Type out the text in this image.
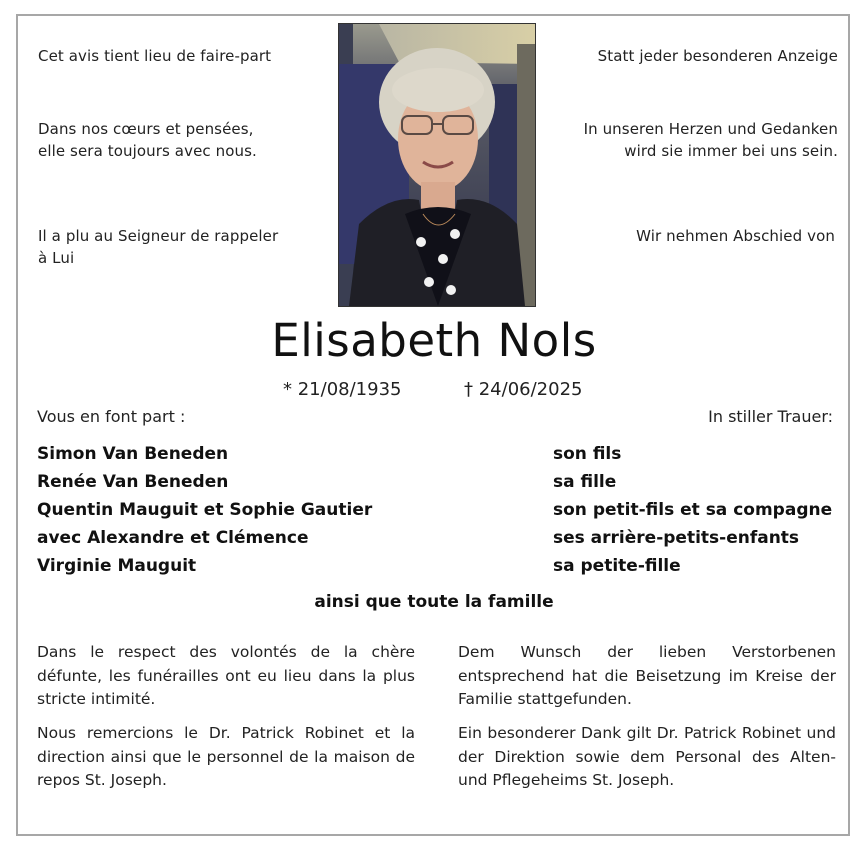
Cet avis tient lieu de faire-part
Dans nos cœurs et pensées,
elle sera toujours avec nous.
Il a plu au Seigneur de rappeler
à Lui
Statt jeder besonderen Anzeige
In unseren Herzen und Gedanken
wird sie immer bei uns sein.
Wir nehmen Abschied von
Elisabeth Nols
* 21/08/1935	† 24/06/2025
Vous en font part :	In stiller Trauer:
Simon Van Beneden	son fils
Renée Van Beneden	sa fille
Quentin Mauguit et Sophie Gautier	son petit-fils et sa compagne
avec Alexandre et Clémence	ses arrière-petits-enfants
Virginie Mauguit	sa petite-fille
ainsi que toute la famille
Dans le respect des volontés de la chère défunte, les funérailles ont eu lieu dans la plus stricte intimité.
Nous remercions le Dr. Patrick Robinet et la direction ainsi que le personnel de la maison de repos St. Joseph.
Dem Wunsch der lieben Verstorbenen entsprechend hat die Beisetzung im Kreise der Familie stattgefunden.
Ein besonderer Dank gilt Dr. Patrick Robinet und der Direktion sowie dem Personal des Alten- und Pflegeheims St. Joseph.
